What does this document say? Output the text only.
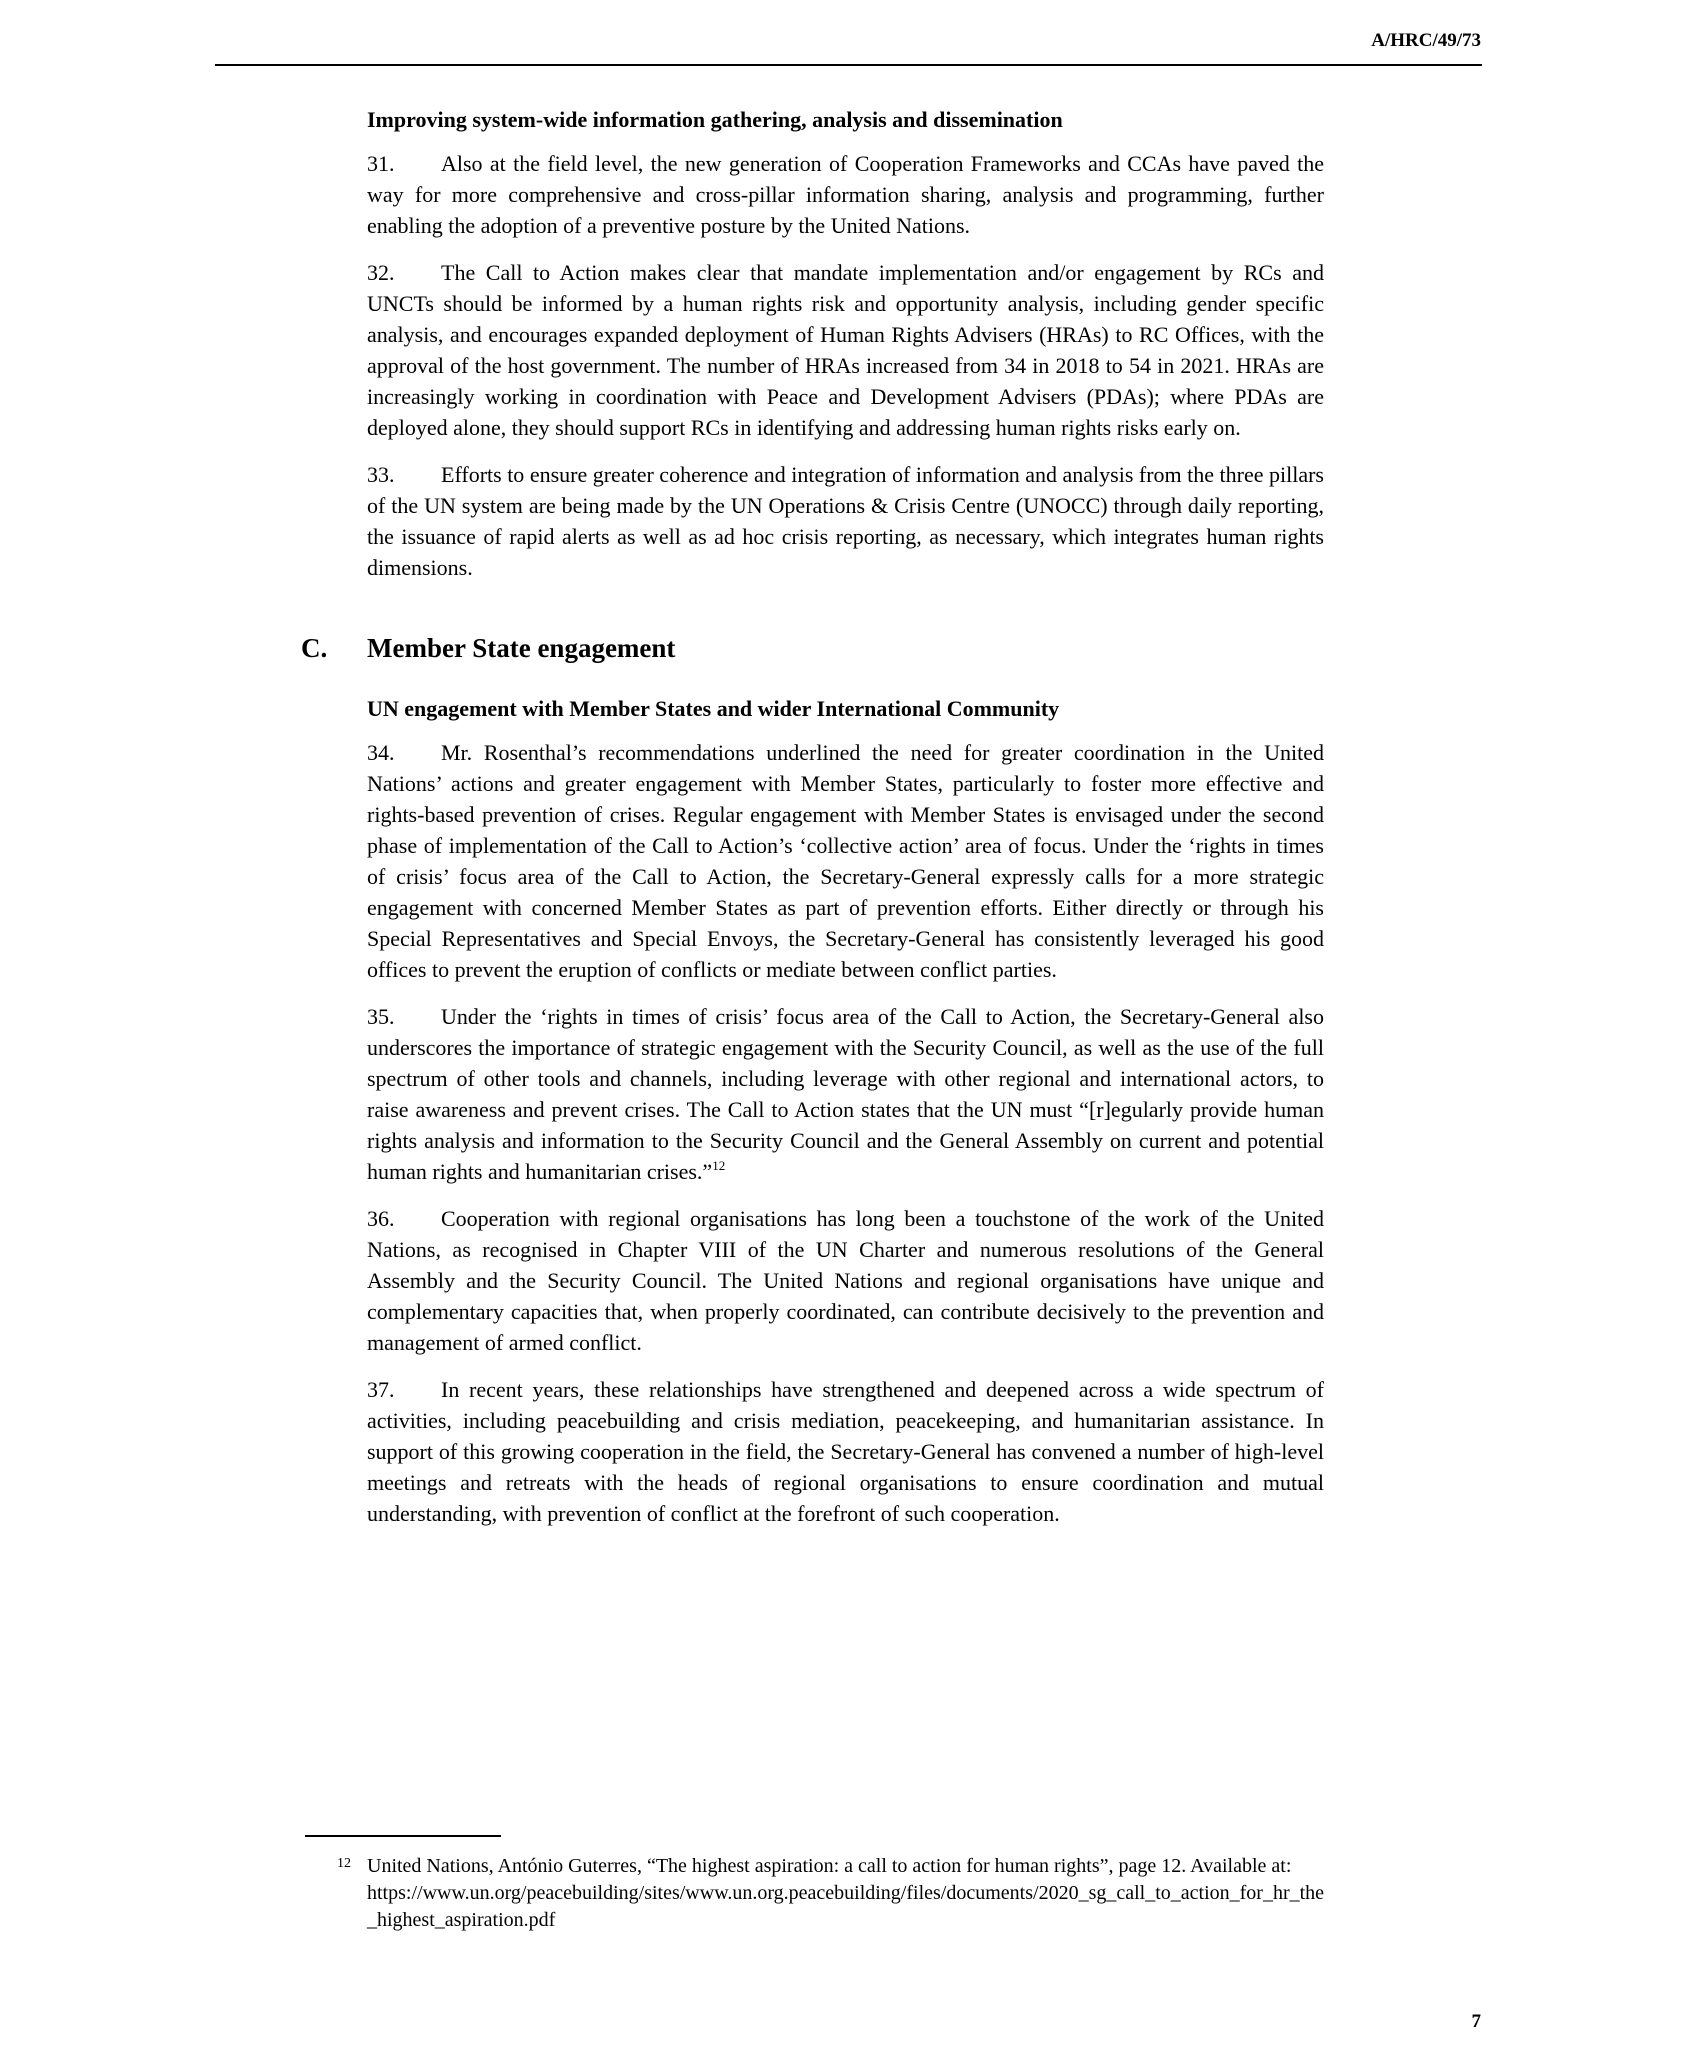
A/HRC/49/73
Improving system-wide information gathering, analysis and dissemination

31. Also at the field level, the new generation of Cooperation Frameworks and CCAs have paved the way for more comprehensive and cross-pillar information sharing, analysis and programming, further enabling the adoption of a preventive posture by the United Nations.

32. The Call to Action makes clear that mandate implementation and/or engagement by RCs and UNCTs should be informed by a human rights risk and opportunity analysis, including gender specific analysis, and encourages expanded deployment of Human Rights Advisers (HRAs) to RC Offices, with the approval of the host government. The number of HRAs increased from 34 in 2018 to 54 in 2021. HRAs are increasingly working in coordination with Peace and Development Advisers (PDAs); where PDAs are deployed alone, they should support RCs in identifying and addressing human rights risks early on.

33. Efforts to ensure greater coherence and integration of information and analysis from the three pillars of the UN system are being made by the UN Operations & Crisis Centre (UNOCC) through daily reporting, the issuance of rapid alerts as well as ad hoc crisis reporting, as necessary, which integrates human rights dimensions.

C. Member State engagement
UN engagement with Member States and wider International Community

34. Mr. Rosenthal’s recommendations underlined the need for greater coordination in the United Nations’ actions and greater engagement with Member States, particularly to foster more effective and rights-based prevention of crises. Regular engagement with Member States is envisaged under the second phase of implementation of the Call to Action’s ‘collective action’ area of focus. Under the ‘rights in times of crisis’ focus area of the Call to Action, the Secretary-General expressly calls for a more strategic engagement with concerned Member States as part of prevention efforts. Either directly or through his Special Representatives and Special Envoys, the Secretary-General has consistently leveraged his good offices to prevent the eruption of conflicts or mediate between conflict parties.

35. Under the ‘rights in times of crisis’ focus area of the Call to Action, the Secretary-General also underscores the importance of strategic engagement with the Security Council, as well as the use of the full spectrum of other tools and channels, including leverage with other regional and international actors, to raise awareness and prevent crises. The Call to Action states that the UN must “[r]egularly provide human rights analysis and information to the Security Council and the General Assembly on current and potential human rights and humanitarian crises.”$^{12}$

36. Cooperation with regional organisations has long been a touchstone of the work of the United Nations, as recognised in Chapter VIII of the UN Charter and numerous resolutions of the General Assembly and the Security Council. The United Nations and regional organisations have unique and complementary capacities that, when properly coordinated, can contribute decisively to the prevention and management of armed conflict.

37. In recent years, these relationships have strengthened and deepened across a wide spectrum of activities, including peacebuilding and crisis mediation, peacekeeping, and humanitarian assistance. In support of this growing cooperation in the field, the Secretary-General has convened a number of high-level meetings and retreats with the heads of regional organisations to ensure coordination and mutual understanding, with prevention of conflict at the forefront of such cooperation.

12 United Nations, António Guterres, “The highest aspiration: a call to action for human rights”, page 12. Available at:
https://www.un.org/peacebuilding/sites/www.un.org.peacebuilding/files/documents/2020_sg_call_to_action_for_hr_the_highest_aspiration.pdf
7
